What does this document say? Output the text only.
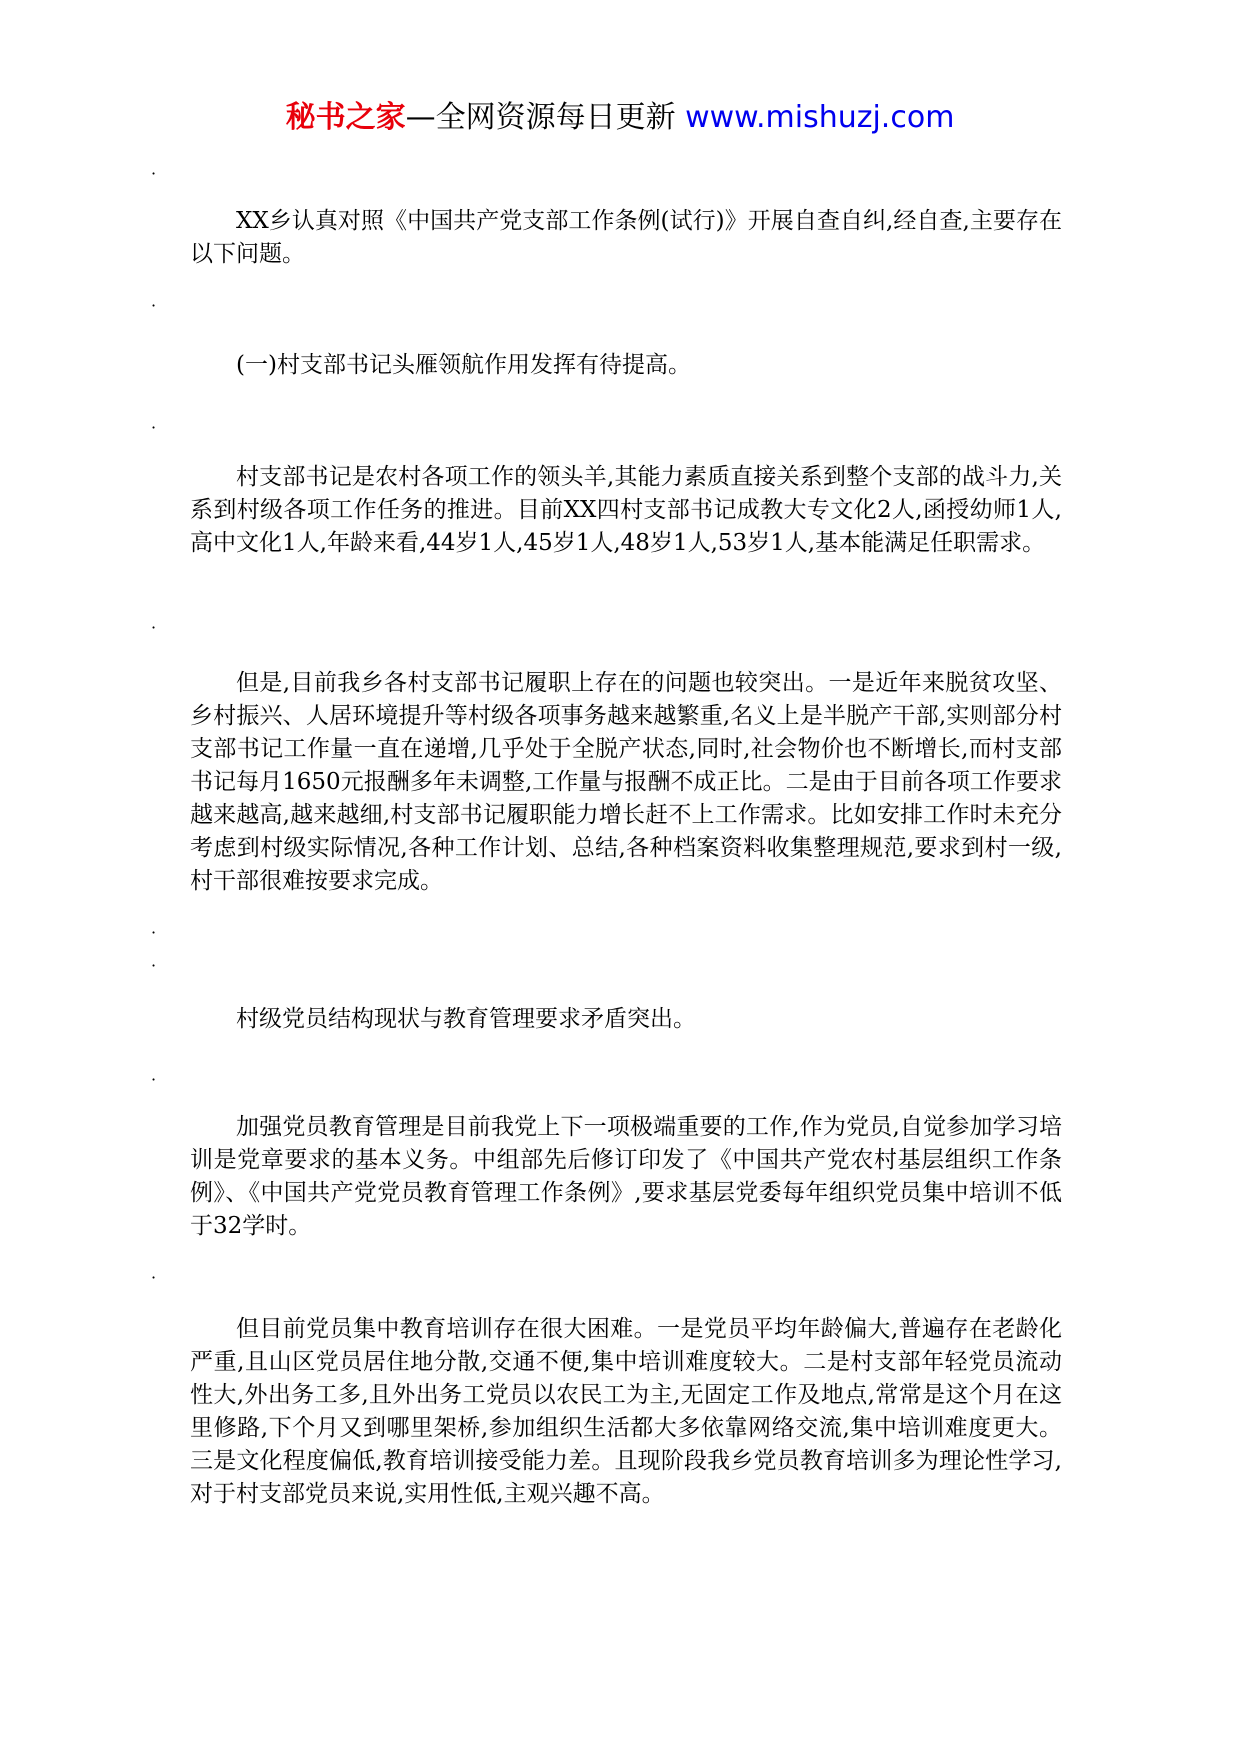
秘书之家—全网资源每日更新 www.mishuzj.com
·

XX乡认真对照《中国共产党支部工作条例(试行)》开展自查自纠,经自查,主要存在以下问题。

·

(一)村支部书记头雁领航作用发挥有待提高。

·

村支部书记是农村各项工作的领头羊,其能力素质直接关系到整个支部的战斗力,关系到村级各项工作任务的推进。目前XX四村支部书记成教大专文化2人,函授幼师1人,高中文化1人,年龄来看,44岁1人,45岁1人,48岁1人,53岁1人,基本能满足任职需求。

·

但是,目前我乡各村支部书记履职上存在的问题也较突出。一是近年来脱贫攻坚、乡村振兴、人居环境提升等村级各项事务越来越繁重,名义上是半脱产干部,实则部分村支部书记工作量一直在递增,几乎处于全脱产状态,同时,社会物价也不断增长,而村支部书记每月1650元报酬多年未调整,工作量与报酬不成正比。二是由于目前各项工作要求越来越高,越来越细,村支部书记履职能力增长赶不上工作需求。比如安排工作时未充分考虑到村级实际情况,各种工作计划、总结,各种档案资料收集整理规范,要求到村一级,村干部很难按要求完成。

·
·

村级党员结构现状与教育管理要求矛盾突出。

·

加强党员教育管理是目前我党上下一项极端重要的工作,作为党员,自觉参加学习培训是党章要求的基本义务。中组部先后修订印发了《中国共产党农村基层组织工作条例》、《中国共产党党员教育管理工作条例》,要求基层党委每年组织党员集中培训不低于32学时。

·

但目前党员集中教育培训存在很大困难。一是党员平均年龄偏大,普遍存在老龄化严重,且山区党员居住地分散,交通不便,集中培训难度较大。二是村支部年轻党员流动性大,外出务工多,且外出务工党员以农民工为主,无固定工作及地点,常常是这个月在这里修路,下个月又到哪里架桥,参加组织生活都大多依靠网络交流,集中培训难度更大。三是文化程度偏低,教育培训接受能力差。且现阶段我乡党员教育培训多为理论性学习,对于村支部党员来说,实用性低,主观兴趣不高。
